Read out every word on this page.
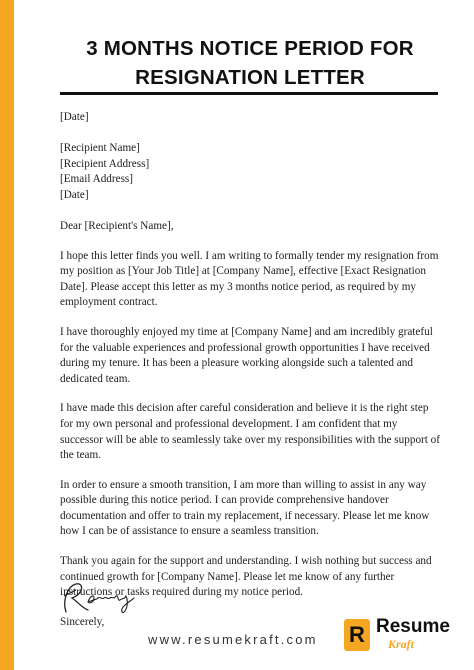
3 MONTHS NOTICE PERIOD FOR
RESIGNATION LETTER
[Date]
[Recipient Name]
[Recipient Address]
[Email Address]
[Date]
Dear [Recipient's Name],

I hope this letter finds you well. I am writing to formally tender my resignation from
my position as [Your Job Title] at [Company Name], effective [Exact Resignation
Date]. Please accept this letter as my 3 months notice period, as required by my
employment contract.

I have thoroughly enjoyed my time at [Company Name] and am incredibly grateful
for the valuable experiences and professional growth opportunities I have received
during my tenure. It has been a pleasure working alongside such a talented and
dedicated team.

I have made this decision after careful consideration and believe it is the right step
for my own personal and professional development. I am confident that my
successor will be able to seamlessly take over my responsibilities with the support of
the team.

In order to ensure a smooth transition, I am more than willing to assist in any way
possible during this notice period. I can provide comprehensive handover
documentation and offer to train my replacement, if necessary. Please let me know
how I can be of assistance to ensure a seamless transition.

Thank you again for the support and understanding. I wish nothing but success and
continued growth for [Company Name]. Please let me know of any further
instructions or tasks required during my notice period.

Sincerely,
www.resumekraft.com R Resume
Kraft
